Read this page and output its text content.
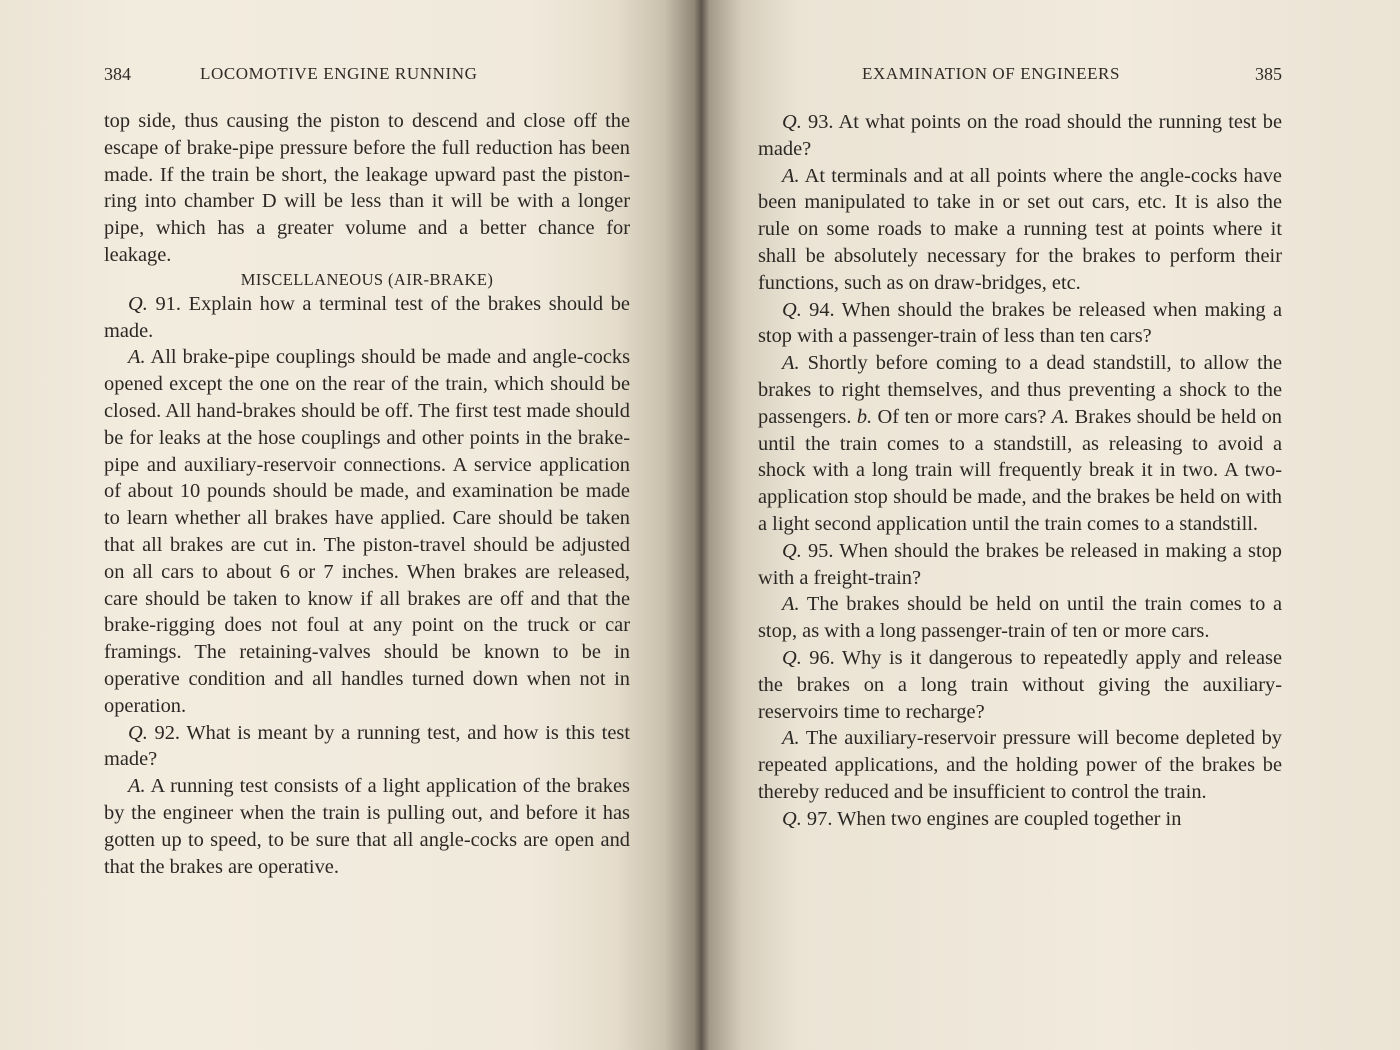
384	LOCOMOTIVE ENGINE RUNNING

top side, thus causing the piston to descend and close off the escape of brake-pipe pressure before the full reduction has been made. If the train be short, the leakage upward past the piston-ring into chamber D will be less than it will be with a longer pipe, which has a greater volume and a better chance for leakage.

MISCELLANEOUS (AIR-BRAKE)

Q. 91. Explain how a terminal test of the brakes should be made.

A. All brake-pipe couplings should be made and angle-cocks opened except the one on the rear of the train, which should be closed. All hand-brakes should be off. The first test made should be for leaks at the hose couplings and other points in the brake-pipe and auxiliary-reservoir connections. A service application of about 10 pounds should be made, and examination be made to learn whether all brakes have applied. Care should be taken that all brakes are cut in. The piston-travel should be adjusted on all cars to about 6 or 7 inches. When brakes are released, care should be taken to know if all brakes are off and that the brake-rigging does not foul at any point on the truck or car framings. The retaining-valves should be known to be in operative condition and all handles turned down when not in operation.

Q. 92. What is meant by a running test, and how is this test made?

A. A running test consists of a light application of the brakes by the engineer when the train is pulling out, and before it has gotten up to speed, to be sure that all angle-cocks are open and that the brakes are operative.

EXAMINATION OF ENGINEERS	385

Q. 93. At what points on the road should the running test be made?

A. At terminals and at all points where the angle-cocks have been manipulated to take in or set out cars, etc. It is also the rule on some roads to make a running test at points where it shall be absolutely necessary for the brakes to perform their functions, such as on draw-bridges, etc.

Q. 94. When should the brakes be released when making a stop with a passenger-train of less than ten cars?

A. Shortly before coming to a dead standstill, to allow the brakes to right themselves, and thus preventing a shock to the passengers. b. Of ten or more cars? A. Brakes should be held on until the train comes to a standstill, as releasing to avoid a shock with a long train will frequently break it in two. A two-application stop should be made, and the brakes be held on with a light second application until the train comes to a standstill.

Q. 95. When should the brakes be released in making a stop with a freight-train?

A. The brakes should be held on until the train comes to a stop, as with a long passenger-train of ten or more cars.

Q. 96. Why is it dangerous to repeatedly apply and release the brakes on a long train without giving the auxiliary-reservoirs time to recharge?

A. The auxiliary-reservoir pressure will become depleted by repeated applications, and the holding power of the brakes be thereby reduced and be insufficient to control the train.

Q. 97. When two engines are coupled together in
